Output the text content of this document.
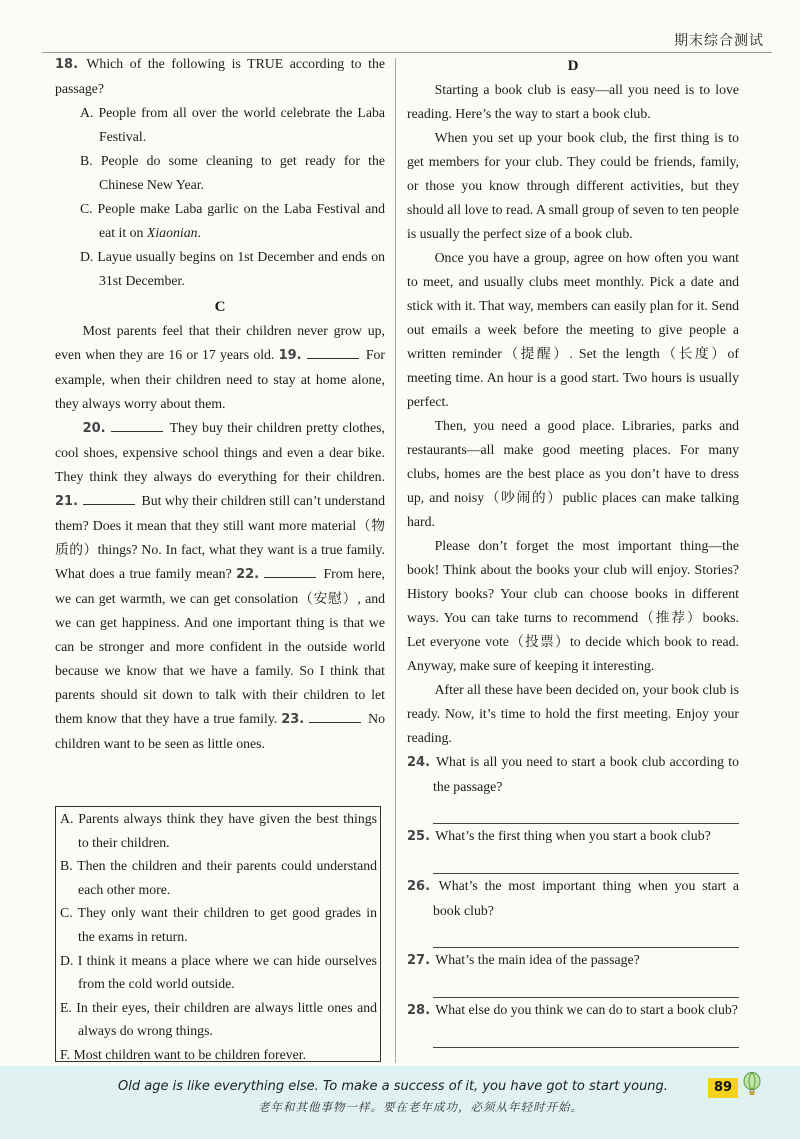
期末综合测试

18. Which of the following is TRUE according to the passage?

A. People from all over the world celebrate the Laba Festival.

B. People do some cleaning to get ready for the Chinese New Year.

C. People make Laba garlic on the Laba Festival and eat it on Xiaonian.

D. Layue usually begins on 1st December and ends on 31st December.

C

Most parents feel that their children never grow up, even when they are 16 or 17 years old. 19.	For example, when their children need to stay at home alone, they always worry about them.

20.	They buy their children pretty clothes, cool shoes, expensive school things and even a dear bike. They think they always do everything for their children. 21.	But why their children still can’t understand them? Does it mean that they still want more material（物质的）things? No. In fact, what they want is a true family. What does a true family mean? 22.	From here, we can get warmth, we can get consolation（安慰）, and we can get happiness. And one important thing is that we can be stronger and more confident in the outside world because we know that we have a family. So I think that parents should sit down to talk with their children to let them know that they have a true family. 23.	No children want to be seen as little ones.

A. Parents always think they have given the best things to their children.

B. Then the children and their parents could understand each other more.

C. They only want their children to get good grades in the exams in return.

D. I think it means a place where we can hide ourselves from the cold world outside.

E. In their eyes, their children are always little ones and always do wrong things.

F. Most children want to be children forever.

D

Starting a book club is easy—all you need is to love reading. Here’s the way to start a book club.

When you set up your book club, the first thing is to get members for your club. They could be friends, family, or those you know through different activities, but they should all love to read. A small group of seven to ten people is usually the perfect size of a book club.

Once you have a group, agree on how often you want to meet, and usually clubs meet monthly. Pick a date and stick with it. That way, members can easily plan for it. Send out emails a week before the meeting to give people a written reminder（提醒）. Set the length（长度）of meeting time. An hour is a good start. Two hours is usually perfect.

Then, you need a good place. Libraries, parks and restaurants—all make good meeting places. For many clubs, homes are the best place as you don’t have to dress up, and noisy（吵闹的）public places can make talking hard.

Please don’t forget the most important thing—the book! Think about the books your club will enjoy. Stories? History books? Your club can choose books in different ways. You can take turns to recommend（推荐）books. Let everyone vote（投票）to decide which book to read. Anyway, make sure of keeping it interesting.

After all these have been decided on, your book club is ready. Now, it’s time to hold the first meeting. Enjoy your reading.

24. What is all you need to start a book club according to the passage?

25. What’s the first thing when you start a book club?

26. What’s the most important thing when you start a book club?

27. What’s the main idea of the passage?

28. What else do you think we can do to start a book club?

Old age is like everything else. To make a success of it, you have got to start young.
老年和其他事物一样。要在老年成功，必须从年轻时开始。
89
